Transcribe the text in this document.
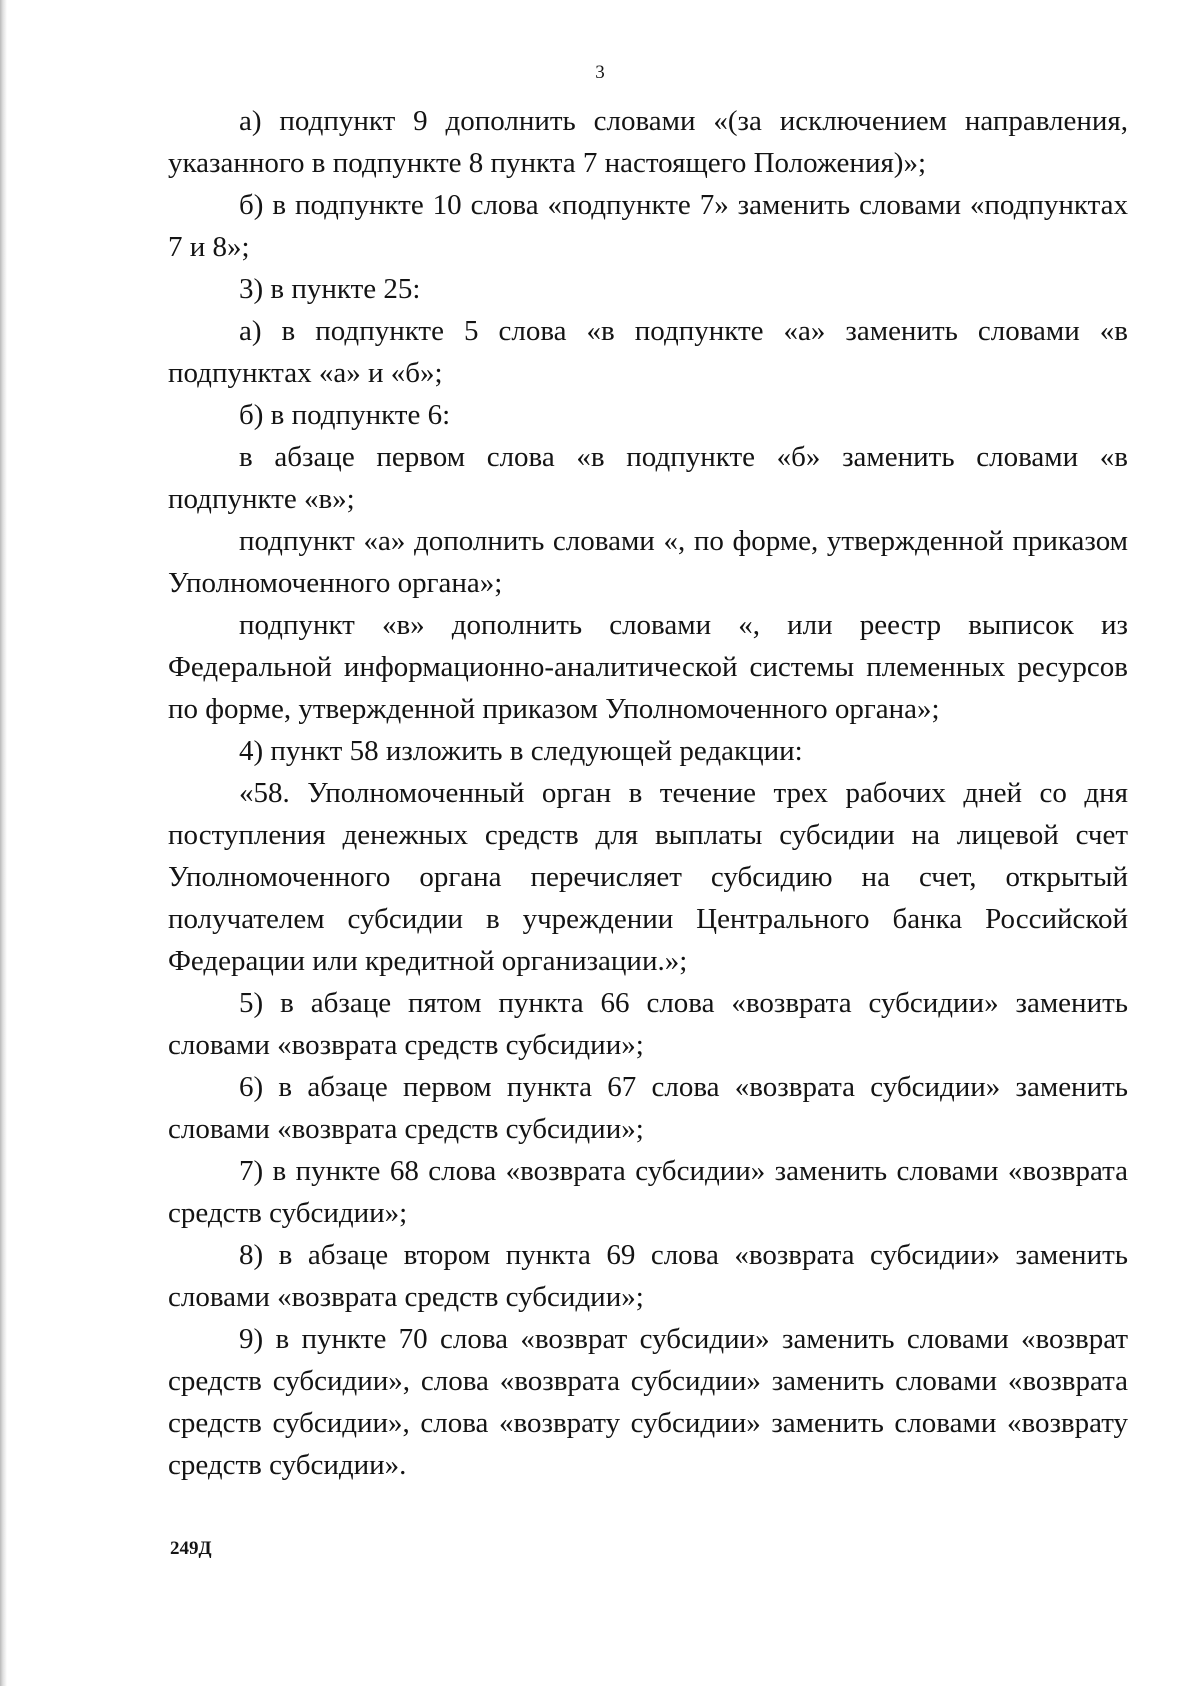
3

а) подпункт 9 дополнить словами «(за исключением направления, указанного в подпункте 8 пункта 7 настоящего Положения)»;

б) в подпункте 10 слова «подпункте 7» заменить словами «подпунктах 7 и 8»;

3) в пункте 25:

а) в подпункте 5 слова «в подпункте «а» заменить словами «в подпунктах «а» и «б»;

б) в подпункте 6:

в абзаце первом слова «в подпункте «б» заменить словами «в подпункте «в»;

подпункт «а» дополнить словами «, по форме, утвержденной приказом Уполномоченного органа»;

подпункт «в» дополнить словами «, или реестр выписок из Федеральной информационно-аналитической системы племенных ресурсов по форме, утвержденной приказом Уполномоченного органа»;

4) пункт 58 изложить в следующей редакции:

«58. Уполномоченный орган в течение трех рабочих дней со дня поступления денежных средств для выплаты субсидии на лицевой счет Уполномоченного органа перечисляет субсидию на счет, открытый получателем субсидии в учреждении Центрального банка Российской Федерации или кредитной организации.»;

5) в абзаце пятом пункта 66 слова «возврата субсидии» заменить словами «возврата средств субсидии»;

6) в абзаце первом пункта 67 слова «возврата субсидии» заменить словами «возврата средств субсидии»;

7) в пункте 68 слова «возврата субсидии» заменить словами «возврата средств субсидии»;

8) в абзаце втором пункта 69 слова «возврата субсидии» заменить словами «возврата средств субсидии»;

9) в пункте 70 слова «возврат субсидии» заменить словами «возврат средств субсидии», слова «возврата субсидии» заменить словами «возврата средств субсидии», слова «возврату субсидии» заменить словами «возврату средств субсидии».

249Д
